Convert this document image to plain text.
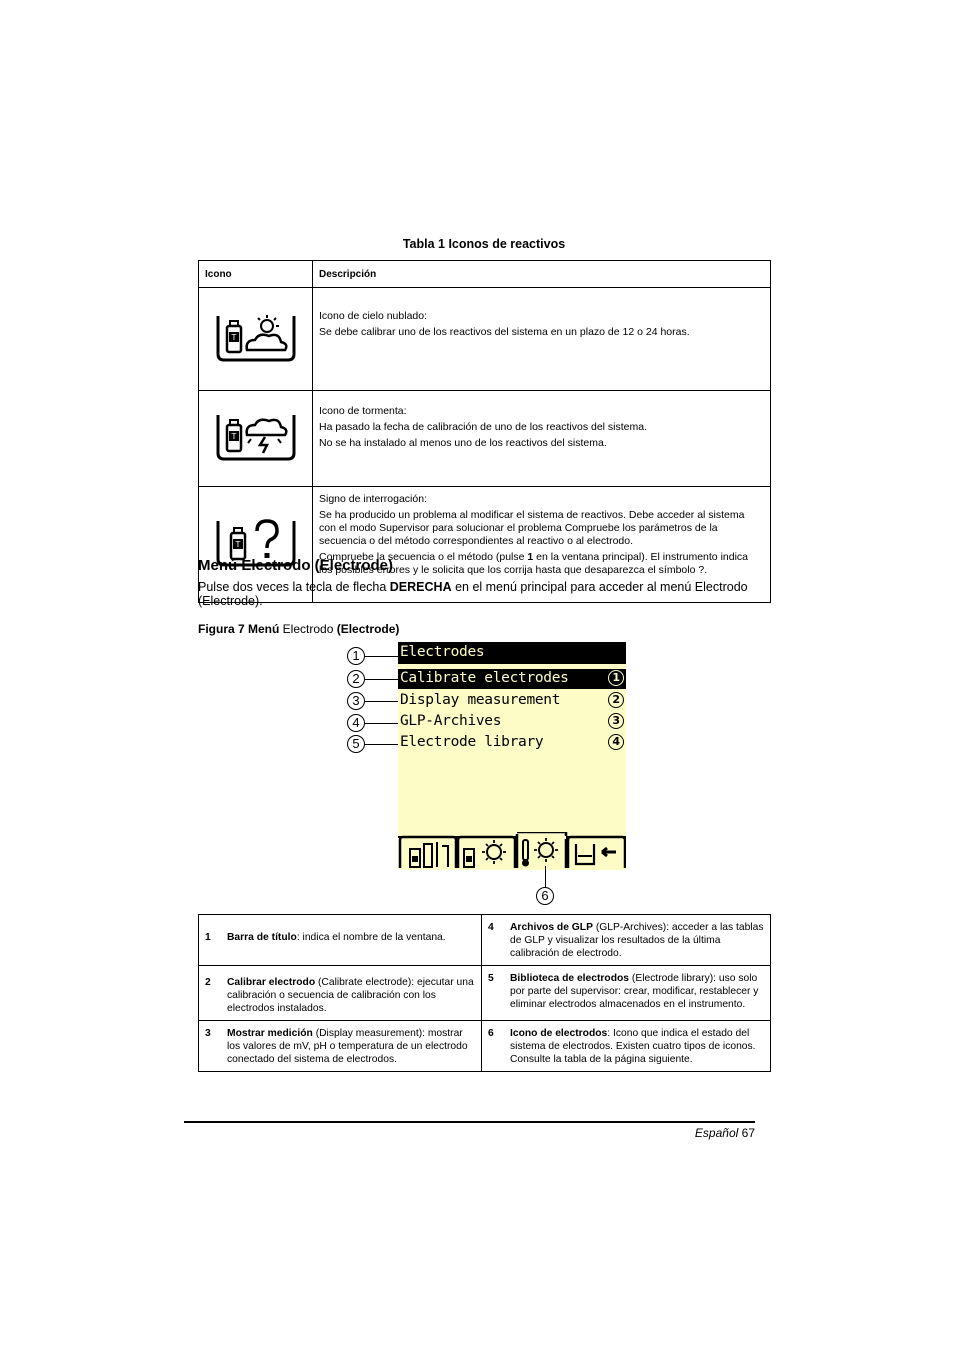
Tabla 1 Iconos de reactivos
Icono	Descripción

T	Icono de cielo nublado:

Se debe calibrar uno de los reactivos del sistema en un plazo de 12 o 24 horas.

T	Icono de tormenta:

Ha pasado la fecha de calibración de uno de los reactivos del sistema.

No se ha instalado al menos uno de los reactivos del sistema.

T	Signo de interrogación:

Se ha producido un problema al modificar el sistema de reactivos. Debe acceder al sistema con el modo Supervisor para solucionar el problema Compruebe los parámetros de la secuencia o del método correspondientes al reactivo o al electrodo.

Compruebe la secuencia o el método (pulse 1 en la ventana principal). El instrumento indica los posibles errores y le solicita que los corrija hasta que desaparezca el símbolo ?.

Menú Electrodo (Electrode)
Pulse dos veces la tecla de flecha DERECHA en el menú principal para acceder al menú Electrodo (Electrode).
Figura 7 Menú Electrodo (Electrode)
Electrodes
Calibrate electrodes	1
Display measurement	2
GLP-Archives	3
Electrode library	4
1
2
3
4
5
6
1	Barra de título: indica el nombre de la ventana.	4	Archivos de GLP (GLP-Archives): acceder a las tablas de GLP y visualizar los resultados de la última calibración de electrodo.
2	Calibrar electrodo (Calibrate electrode): ejecutar una calibración o secuencia de calibración con los electrodos instalados.	5	Biblioteca de electrodos (Electrode library): uso solo por parte del supervisor: crear, modificar, restablecer y eliminar electrodos almacenados en el instrumento.
3	Mostrar medición (Display measurement): mostrar los valores de mV, pH o temperatura de un electrodo conectado del sistema de electrodos.	6	Icono de electrodos: Icono que indica el estado del sistema de electrodos. Existen cuatro tipos de iconos. Consulte la tabla de la página siguiente.
Español 67
